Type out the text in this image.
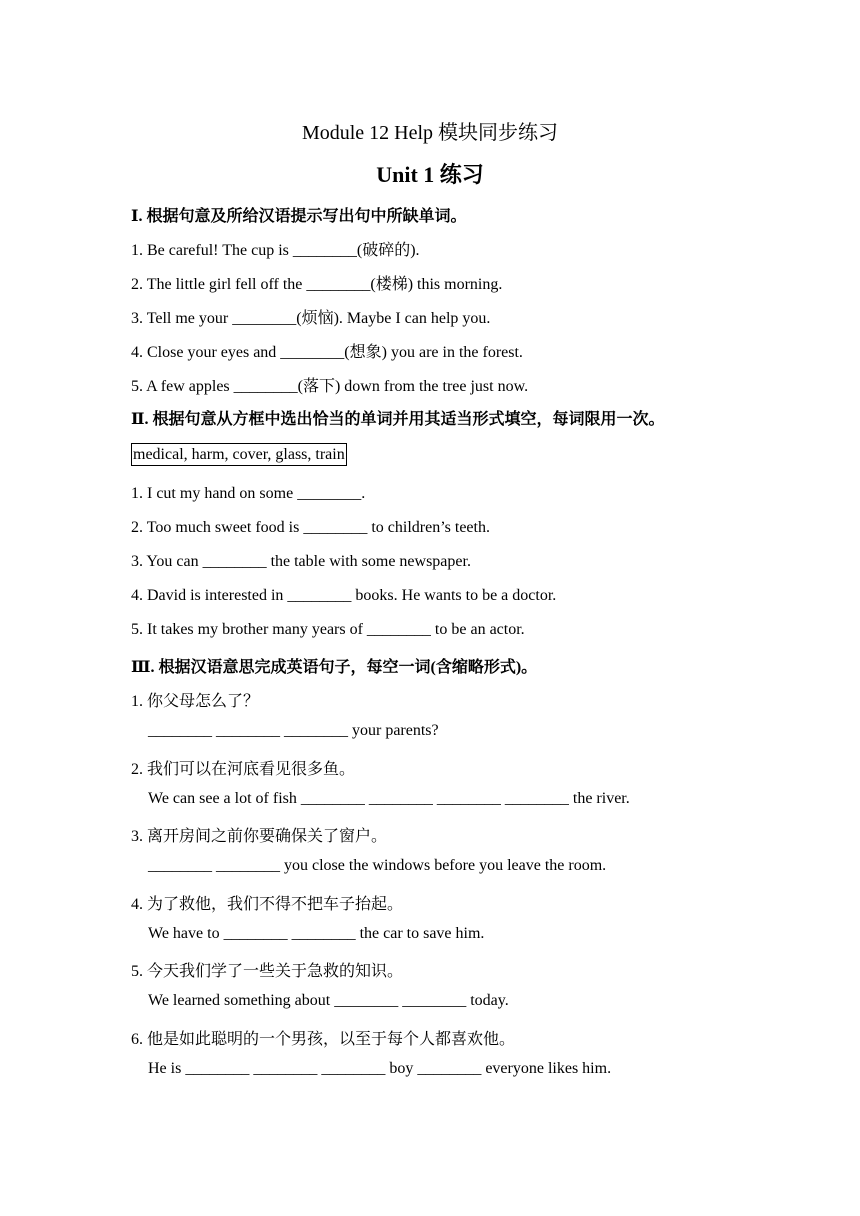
Module 12 Help 模块同步练习
Unit 1 练习
Ⅰ. 根据句意及所给汉语提示写出句中所缺单词。
1. Be careful! The cup is ________(破碎的).
2. The little girl fell off the ________(楼梯) this morning.
3. Tell me your ________(烦恼). Maybe I can help you.
4. Close your eyes and ________(想象) you are in the forest.
5. A few apples ________(落下) down from the tree just now.
Ⅱ. 根据句意从方框中选出恰当的单词并用其适当形式填空，每词限用一次。
medical, harm, cover, glass, train
1. I cut my hand on some ________.
2. Too much sweet food is ________ to children’s teeth.
3. You can ________ the table with some newspaper.
4. David is interested in ________ books. He wants to be a doctor.
5. It takes my brother many years of ________ to be an actor.
Ⅲ. 根据汉语意思完成英语句子，每空一词(含缩略形式)。
1. 你父母怎么了？
________ ________ ________ your parents?
2. 我们可以在河底看见很多鱼。
We can see a lot of fish ________ ________ ________ ________ the river.
3. 离开房间之前你要确保关了窗户。
________ ________ you close the windows before you leave the room.
4. 为了救他，我们不得不把车子抬起。
We have to ________ ________ the car to save him.
5. 今天我们学了一些关于急救的知识。
We learned something about ________ ________ today.
6. 他是如此聪明的一个男孩，以至于每个人都喜欢他。
He is ________ ________ ________ boy ________ everyone likes him.
